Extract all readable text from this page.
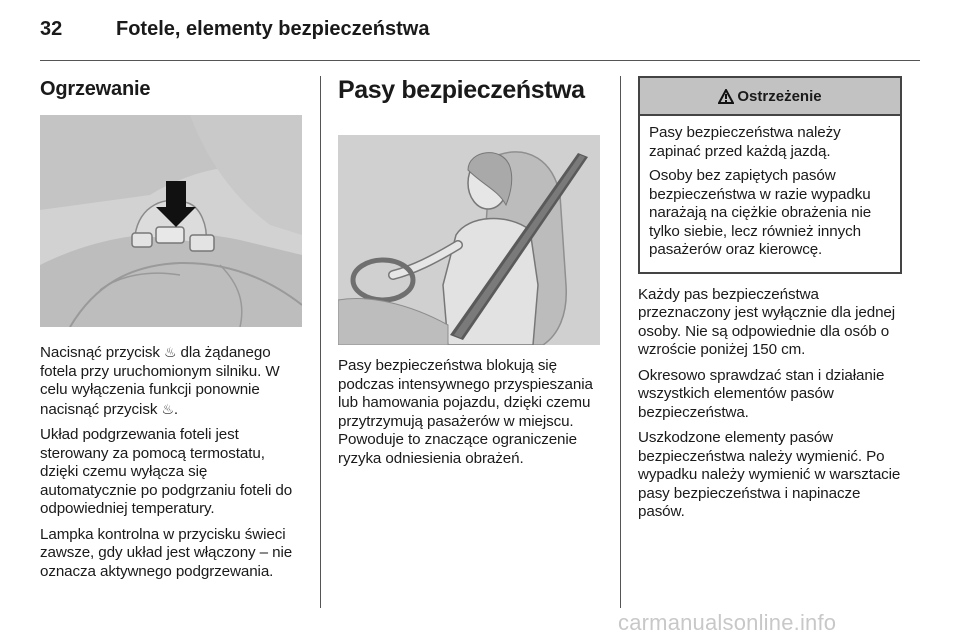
32	Fotele, elementy bezpieczeństwa
Ogrzewanie

Nacisnąć przycisk ♨ dla żądanego fotela przy uruchomionym silniku. W celu wyłączenia funkcji ponownie nacisnąć przycisk ♨.

Układ podgrzewania foteli jest sterowany za pomocą termostatu, dzięki czemu wyłącza się automatycznie po podgrzaniu foteli do odpowiedniej temperatury.

Lampka kontrolna w przycisku świeci zawsze, gdy układ jest włączony – nie oznacza aktywnego podgrzewania.

Pasy bezpieczeństwa

Pasy bezpieczeństwa blokują się podczas intensywnego przyspieszania lub hamowania pojazdu, dzięki czemu przytrzymują pasażerów w miejscu. Powoduje to znaczące ograniczenie ryzyka odniesienia obrażeń.

Ostrzeżenie

Pasy bezpieczeństwa należy zapinać przed każdą jazdą.

Osoby bez zapiętych pasów bezpieczeństwa w razie wypadku narażają na ciężkie obrażenia nie tylko siebie, lecz również innych pasażerów oraz kierowcę.

Każdy pas bezpieczeństwa przeznaczony jest wyłącznie dla jednej osoby. Nie są odpowiednie dla osób o wzroście poniżej 150 cm.

Okresowo sprawdzać stan i działanie wszystkich elementów pasów bezpieczeństwa.

Uszkodzone elementy pasów bezpieczeństwa należy wymienić. Po wypadku należy wymienić w warsztacie pasy bezpieczeństwa i napinacze pasów.

carmanualsonline.info
